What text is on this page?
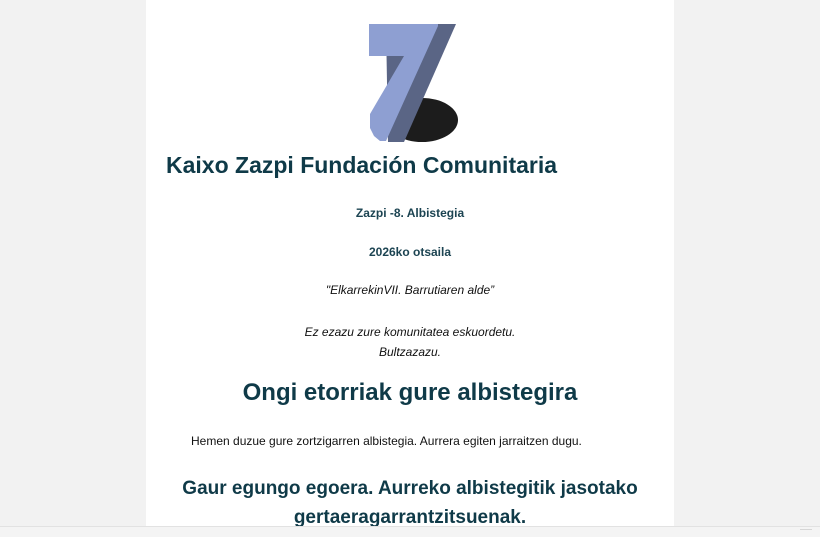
Kaixo Zazpi Fundación Comunitaria

Zazpi -8. Albistegia

2026ko otsaila

"ElkarrekinVII. Barrutiaren alde”

Ez ezazu zure komunitatea eskuordetu.
Bultzazazu.
Ongi etorriak gure albistegira

Hemen duzue gure zortzigarren albistegia. Aurrera egiten jarraitzen dugu.

Gaur egungo egoera. Aurreko albistegitik jasotako gertaeragarrantzitsuenak.
